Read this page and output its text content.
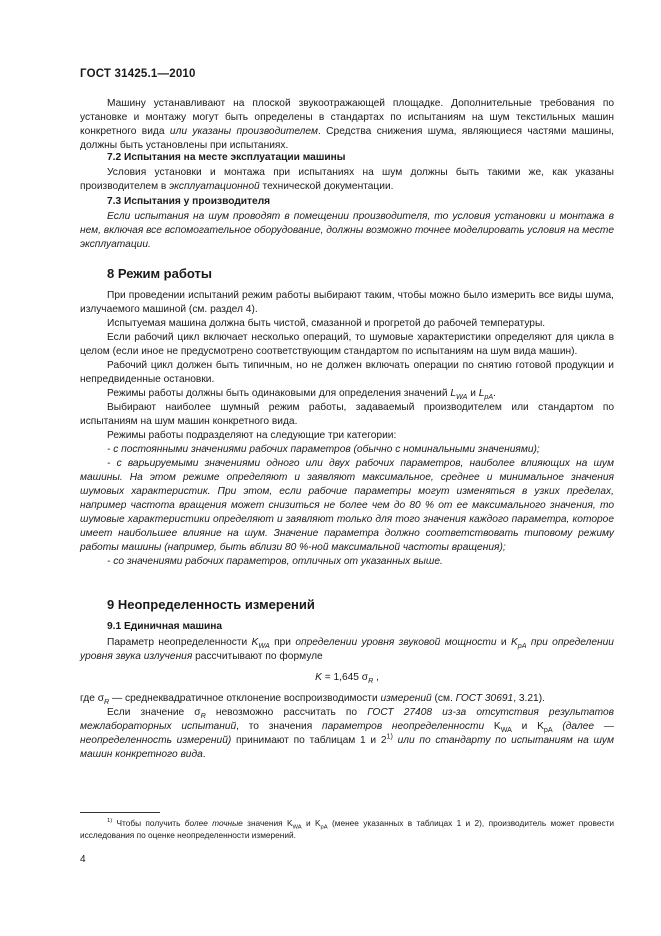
ГОСТ 31425.1—2010

Машину устанавливают на плоской звукоотражающей площадке. Дополнительные требования по установке и монтажу могут быть определены в стандартах по испытаниям на шум текстильных машин конкретного вида или указаны производителем. Средства снижения шума, являющиеся частями машины, должны быть установлены при испытаниях.

7.2 Испытания на месте эксплуатации машины

Условия установки и монтажа при испытаниях на шум должны быть такими же, как указаны производителем в эксплуатационной технической документации.

7.3 Испытания у производителя

Если испытания на шум проводят в помещении производителя, то условия установки и монтажа в нем, включая все вспомогательное оборудование, должны возможно точнее моделировать условия на месте эксплуатации.

8 Режим работы

При проведении испытаний режим работы выбирают таким, чтобы можно было измерить все виды шума, излучаемого машиной (см. раздел 4).

Испытуемая машина должна быть чистой, смазанной и прогретой до рабочей температуры.

Если рабочий цикл включает несколько операций, то шумовые характеристики определяют для цикла в целом (если иное не предусмотрено соответствующим стандартом по испытаниям на шум вида машин).

Рабочий цикл должен быть типичным, но не должен включать операции по снятию готовой продукции и непредвиденные остановки.

Режимы работы должны быть одинаковыми для определения значений $L_{WA}$ и $L_{pA}$.

Выбирают наиболее шумный режим работы, задаваемый производителем или стандартом по испытаниям на шум машин конкретного вида.

Режимы работы подразделяют на следующие три категории:

- с постоянными значениями рабочих параметров (обычно с номинальными значениями);

- с варьируемыми значениями одного или двух рабочих параметров, наиболее влияющих на шум машины. На этом режиме определяют и заявляют максимальное, среднее и минимальное значения шумовых характеристик. При этом, если рабочие параметры могут изменяться в узких пределах, например частота вращения может снизиться не более чем до 80 % от ее максимального значения, то шумовые характеристики определяют и заявляют только для того значения каждого параметра, которое имеет наибольшее влияние на шум. Значение параметра должно соответствовать типовому режиму работы машины (например, быть вблизи 80 %-ной максимальной частоты вращения);

- со значениями рабочих параметров, отличных от указанных выше.

9 Неопределенность измерений

9.1 Единичная машина

Параметр неопределенности $K_{WA}$ при определении уровня звуковой мощности и $K_{pA}$ при определении уровня звука излучения рассчитывают по формуле

K = 1,645 $\sigma_R$ ,

где $\sigma_R$ — среднеквадратичное отклонение воспроизводимости измерений (см. ГОСТ 30691, 3.21).

Если значение $\sigma_R$ невозможно рассчитать по ГОСТ 27408 из-за отсутствия результатов межлабораторных испытаний, то значения параметров неопределенности $K_{WA}$ и $K_{pA}$ (далее — неопределенность измерений) принимают по таблицам 1 и 2$^{1)}$ или по стандарту по испытаниям на шум машин конкретного вида.

$^{1)}$ Чтобы получить более точные значения $K_{WA}$ и $K_{pA}$ (менее указанных в таблицах 1 и 2), производитель может провести исследования по оценке неопределенности измерений.

4
